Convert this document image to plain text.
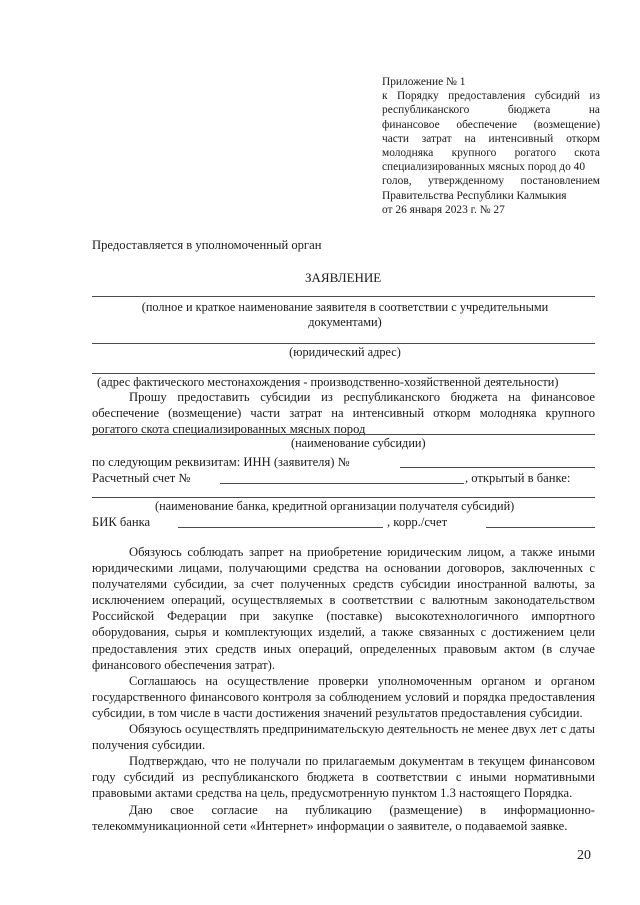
Приложение № 1
к Порядку предоставления субсидий из
республиканского бюджета на
финансовое обеспечение (возмещение)
части затрат на интенсивный откорм
молодняка крупного рогатого скота
специализированных мясных пород до 40
голов, утвержденному постановлением
Правительства Республики Калмыкия
от 26 января 2023 г. № 27
Предоставляется в уполномоченный орган
ЗАЯВЛЕНИЕ
(полное и краткое наименование заявителя в соответствии с учредительными
документами)
(юридический адрес)
(адрес фактического местонахождения - производственно-хозяйственной деятельности)
Прошу предоставить субсидии из республиканского бюджета на финансовое
обеспечение (возмещение) части затрат на интенсивный откорм молодняка крупного
рогатого скота специализированных мясных пород
(наименование субсидии)
по следующим реквизитам: ИНН (заявителя) №
Расчетный счет №	, открытый в банке:
(наименование банка, кредитной организации получателя субсидий)
БИК банка	, корр./счет

Обязуюсь соблюдать запрет на приобретение юридическим лицом, а также иными юридическими лицами, получающими средства на основании договоров, заключенных с получателями субсидии, за счет полученных средств субсидии иностранной валюты, за исключением операций, осуществляемых в соответствии с валютным законодательством Российской Федерации при закупке (поставке) высокотехнологичного импортного оборудования, сырья и комплектующих изделий, а также связанных с достижением цели предоставления этих средств иных операций, определенных правовым актом (в случае финансового обеспечения затрат).

Соглашаюсь на осуществление проверки уполномоченным органом и органом государственного финансового контроля за соблюдением условий и порядка предоставления субсидии, в том числе в части достижения значений результатов предоставления субсидии.

Обязуюсь осуществлять предпринимательскую деятельность не менее двух лет с даты получения субсидии.

Подтверждаю, что не получали по прилагаемым документам в текущем финансовом году субсидий из республиканского бюджета в соответствии с иными нормативными правовыми актами средства на цель, предусмотренную пунктом 1.3 настоящего Порядка.

Даю свое согласие на публикацию (размещение) в информационно-телекоммуникационной сети «Интернет» информации о заявителе, о подаваемой заявке.

20
